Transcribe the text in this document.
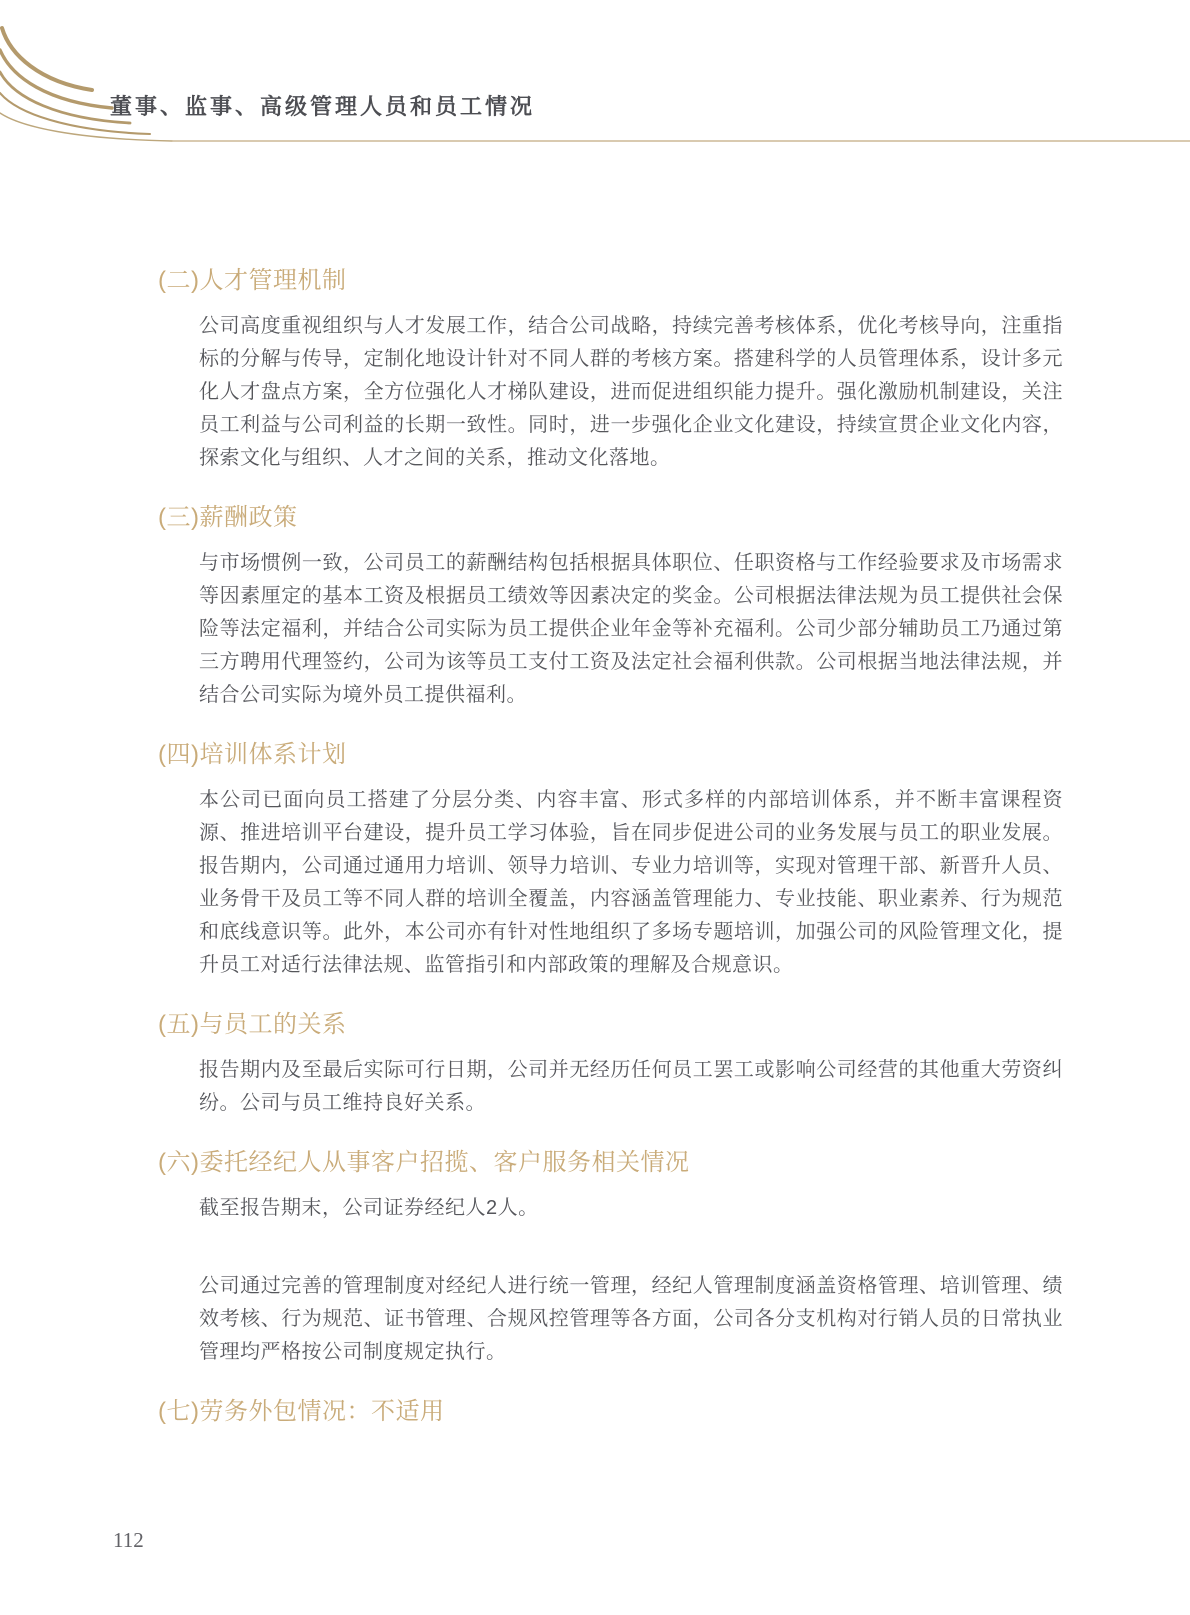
董事、监事、高级管理人员和员工情况
(二)人才管理机制

公司高度重视组织与人才发展工作，结合公司战略，持续完善考核体系，优化考核导向，注重指标的分解与传导，定制化地设计针对不同人群的考核方案。搭建科学的人员管理体系，设计多元化人才盘点方案，全方位强化人才梯队建设，进而促进组织能力提升。强化激励机制建设，关注员工利益与公司利益的长期一致性。同时，进一步强化企业文化建设，持续宣贯企业文化内容，探索文化与组织、人才之间的关系，推动文化落地。

(三)薪酬政策

与市场惯例一致，公司员工的薪酬结构包括根据具体职位、任职资格与工作经验要求及市场需求等因素厘定的基本工资及根据员工绩效等因素决定的奖金。公司根据法律法规为员工提供社会保险等法定福利，并结合公司实际为员工提供企业年金等补充福利。公司少部分辅助员工乃通过第三方聘用代理签约，公司为该等员工支付工资及法定社会福利供款。公司根据当地法律法规，并结合公司实际为境外员工提供福利。

(四)培训体系计划

本公司已面向员工搭建了分层分类、内容丰富、形式多样的内部培训体系，并不断丰富课程资源、推进培训平台建设，提升员工学习体验，旨在同步促进公司的业务发展与员工的职业发展。报告期内，公司通过通用力培训、领导力培训、专业力培训等，实现对管理干部、新晋升人员、业务骨干及员工等不同人群的培训全覆盖，内容涵盖管理能力、专业技能、职业素养、行为规范和底线意识等。此外，本公司亦有针对性地组织了多场专题培训，加强公司的风险管理文化，提升员工对适行法律法规、监管指引和内部政策的理解及合规意识。

(五)与员工的关系

报告期内及至最后实际可行日期，公司并无经历任何员工罢工或影响公司经营的其他重大劳资纠纷。公司与员工维持良好关系。

(六)委托经纪人从事客户招揽、客户服务相关情况

截至报告期末，公司证券经纪人2人。

公司通过完善的管理制度对经纪人进行统一管理，经纪人管理制度涵盖资格管理、培训管理、绩效考核、行为规范、证书管理、合规风控管理等各方面，公司各分支机构对行销人员的日常执业管理均严格按公司制度规定执行。

(七)劳务外包情况：不适用
112
